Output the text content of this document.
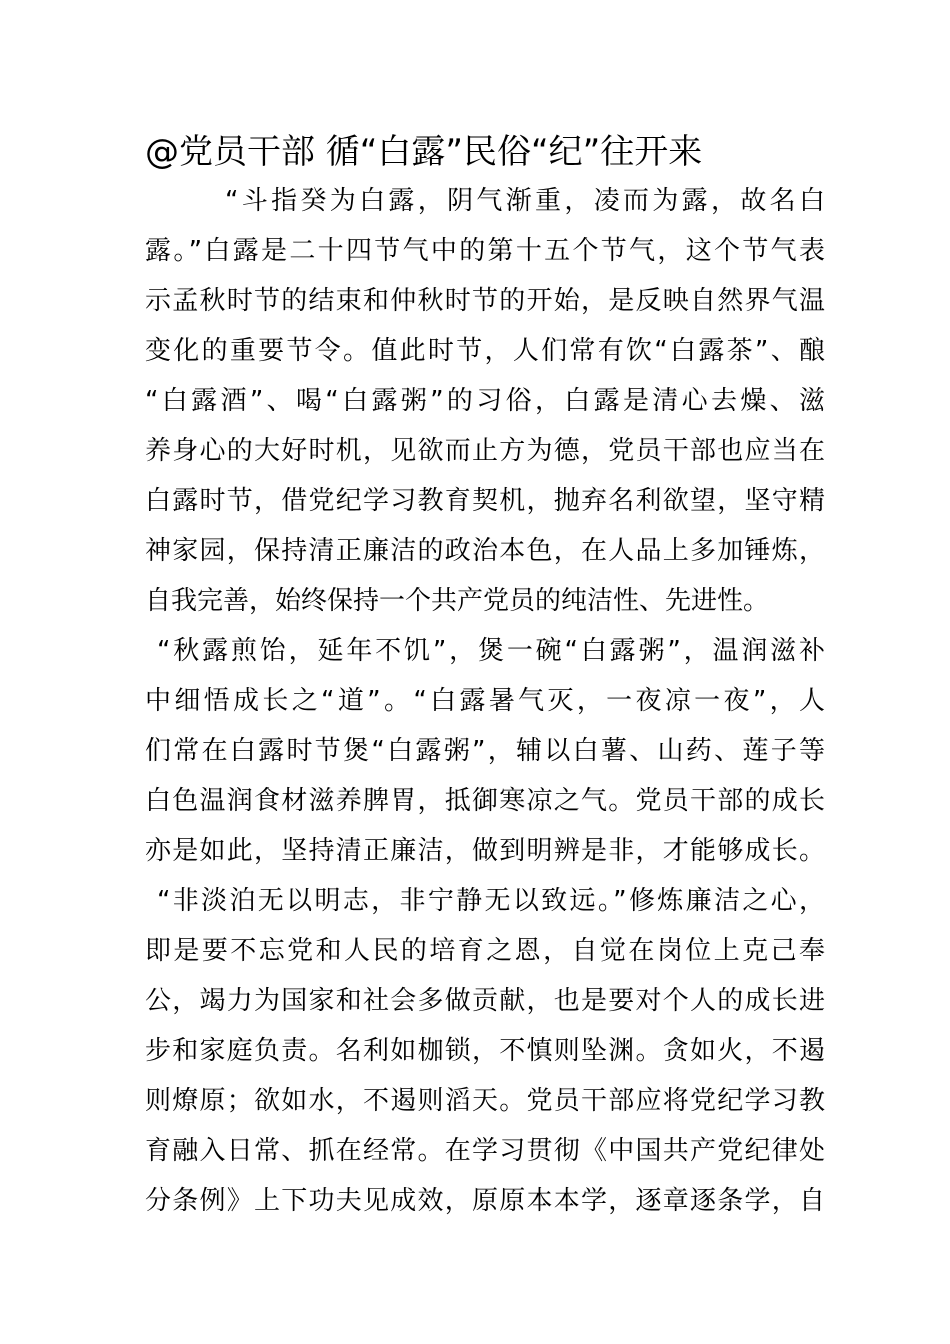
@党员干部 循“白露”民俗“纪”往开来
“斗指癸为白露，阴气渐重，凌而为露，故名白
露。”白露是二十四节气中的第十五个节气，这个节气表
示孟秋时节的结束和仲秋时节的开始，是反映自然界气温
变化的重要节令。值此时节，人们常有饮“白露茶”、酿
“白露酒”、喝“白露粥”的习俗，白露是清心去燥、滋
养身心的大好时机，见欲而止方为德，党员干部也应当在
白露时节，借党纪学习教育契机，抛弃名利欲望，坚守精
神家园，保持清正廉洁的政治本色，在人品上多加锤炼，
自我完善，始终保持一个共产党员的纯洁性、先进性。
“秋露煎饴，延年不饥”，煲一碗“白露粥”，温润滋补
中细悟成长之“道”。“白露暑气灭，一夜凉一夜”，人
们常在白露时节煲“白露粥”，辅以白薯、山药、莲子等
白色温润食材滋养脾胃，抵御寒凉之气。党员干部的成长
亦是如此，坚持清正廉洁，做到明辨是非，才能够成长。
“非淡泊无以明志，非宁静无以致远。”修炼廉洁之心，
即是要不忘党和人民的培育之恩，自觉在岗位上克己奉
公，竭力为国家和社会多做贡献，也是要对个人的成长进
步和家庭负责。名利如枷锁，不慎则坠渊。贪如火，不遏
则燎原；欲如水，不遏则滔天。党员干部应将党纪学习教
育融入日常、抓在经常。在学习贯彻《中国共产党纪律处
分条例》上下功夫见成效，原原本本学，逐章逐条学，自
